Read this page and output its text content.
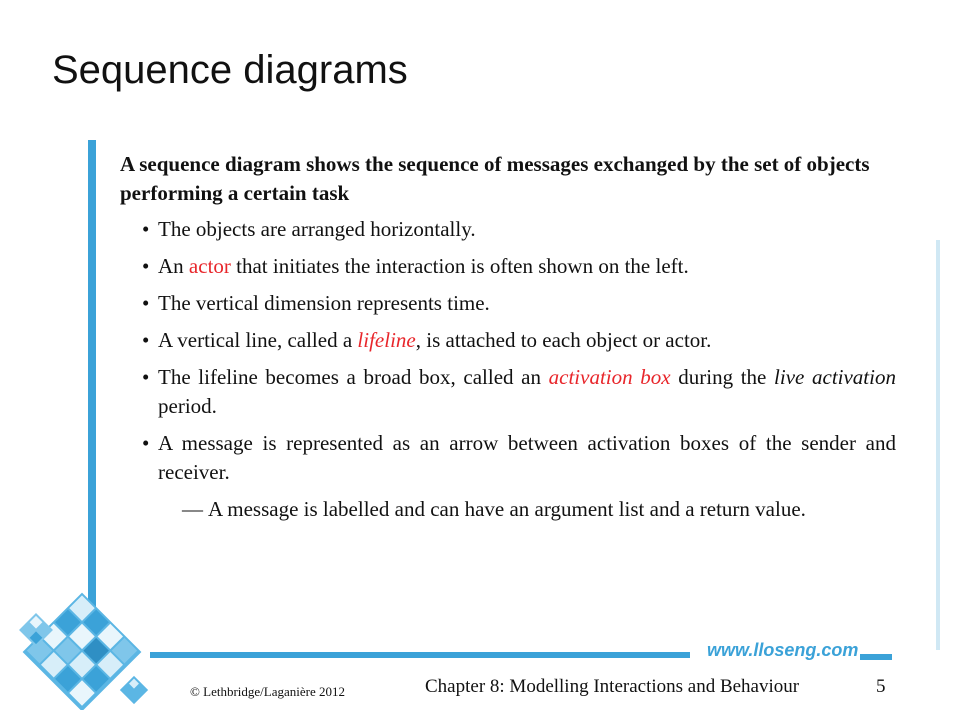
Sequence diagrams
A sequence diagram shows the sequence of messages exchanged by the set of objects performing a certain task
• The objects are arranged horizontally.
• An actor that initiates the interaction is often shown on the left.
• The vertical dimension represents time.
• A vertical line, called a lifeline, is attached to each object or actor.
• The lifeline becomes a broad box, called an activation box during the live activation period.
• A message is represented as an arrow between activation boxes of the sender and receiver.
— A message is labelled and can have an argument list and a return value.
www.lloseng.com
© Lethbridge/Laganière 2012	Chapter 8: Modelling Interactions and Behaviour	5
